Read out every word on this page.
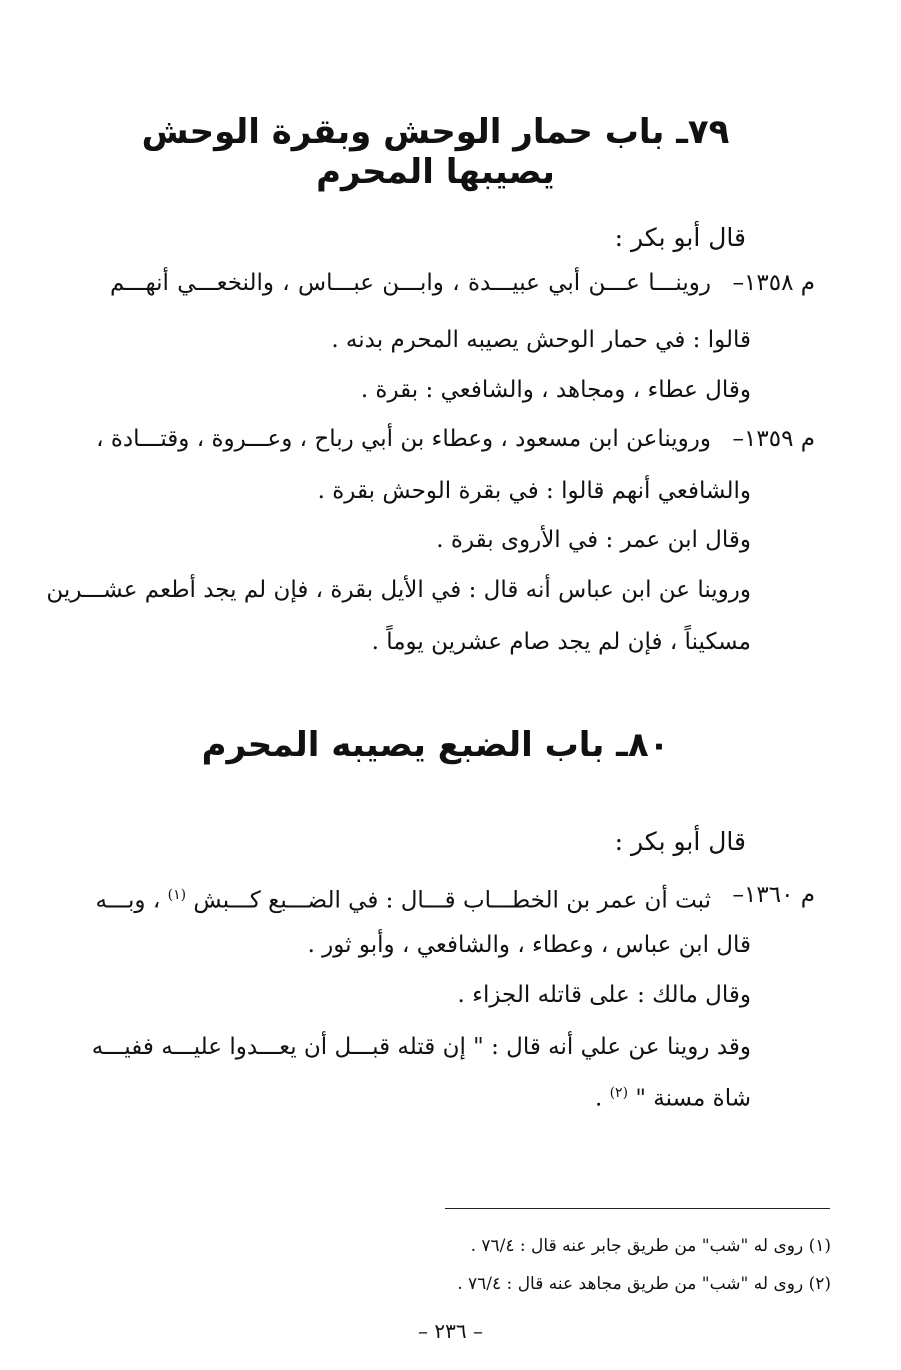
٧٩ـ باب حمار الوحش وبقرة الوحش يصيبها المحرم
قال أبو بكر :
م ١٣٥٨–
روينـــا عـــن أبي عبيـــدة ، وابـــن عبـــاس ، والنخعـــي أنهـــم
قالوا : في حمار الوحش يصيبه المحرم بدنه .
وقال عطاء ، ومجاهد ، والشافعي : بقرة .
م ١٣٥٩–
ورويناعن ابن مسعود ، وعطاء بن أبي رباح ، وعـــروة ، وقتـــادة ،
والشافعي أنهم قالوا : في بقرة الوحش بقرة .
وقال ابن عمر : في الأروى بقرة .
وروينا عن ابن عباس أنه قال : في الأيل بقرة ، فإن لم يجد أطعم عشـــرين
مسكيناً ، فإن لم يجد صام عشرين يوماً .
٨٠ـ باب الضبع يصيبه المحرم
قال أبو بكر :
م ١٣٦٠–
ثبت أن عمر بن الخطـــاب قـــال : في الضـــبع كـــبش $^{(١)}$ ، وبـــه
قال ابن عباس ، وعطاء ، والشافعي ، وأبو ثور .
وقال مالك : على قاتله الجزاء .
وقد روينا عن علي أنه قال : " إن قتله قبـــل أن يعـــدوا عليـــه ففيـــه
شاة مسنة " $^{(٢)}$ .
(١) روى له "شب" من طريق جابر عنه قال : ٧٦/٤ .
(٢) روى له "شب" من طريق مجاهد عنه قال : ٧٦/٤ .
– ٢٣٦ –
